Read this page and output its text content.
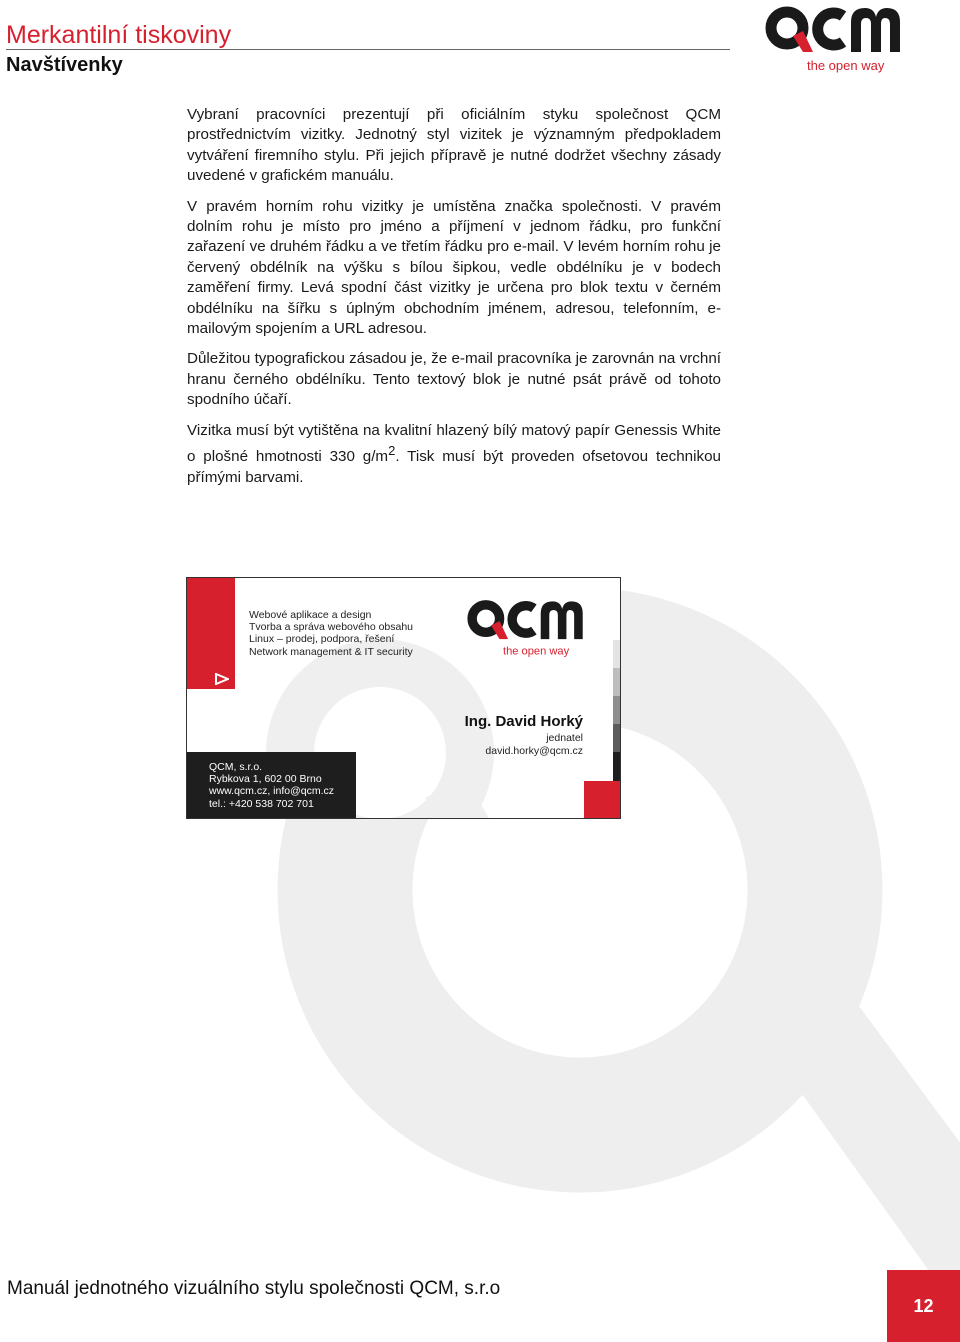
Merkantilní tiskoviny
Navštívenky	the open way

Vybraní pracovníci prezentují při oficiálním styku společnost QCM prostřednictvím vizitky. Jednotný styl vizitek je významným předpokladem vytváření firemního stylu. Při jejich přípravě je nutné dodržet všechny zásady uvedené v grafickém manuálu.

V pravém horním rohu vizitky je umístěna značka společnosti. V pravém dolním rohu je místo pro jméno a příjmení v jednom řádku, pro funkční zařazení ve druhém řádku a ve třetím řádku pro e-mail. V levém horním rohu je červený obdélník na výšku s bílou šipkou, vedle obdélníku je v bodech zaměření firmy. Levá spodní část vizitky je určena pro blok textu v černém obdélníku na šířku s úplným obchodním jménem, adresou, telefonním, e-mailovým spojením a URL adresou.

Důležitou typografickou zásadou je, že e-mail pracovníka je zarovnán na vrchní hranu černého obdélníku. Tento textový blok je nutné psát právě od tohoto spodního účaří.

Vizitka musí být vytištěna na kvalitní hlazený bílý matový papír Genessis White o plošné hmotnosti 330 $g/m^2$. Tisk musí být proveden ofsetovou technikou přímými barvami.

Webové aplikace a design
Tvorba a správa webového obsahu
Linux – prodej, podpora, řešení
Network management & IT security	the open way
Ing. David Horký
jednatel
david.horky@qcm.cz
QCM, s.r.o.
Rybkova 1, 602 00 Brno
www.qcm.cz, info@qcm.cz
tel.: +420 538 702 701
Manuál jednotného vizuálního stylu společnosti QCM, s.r.o
12
